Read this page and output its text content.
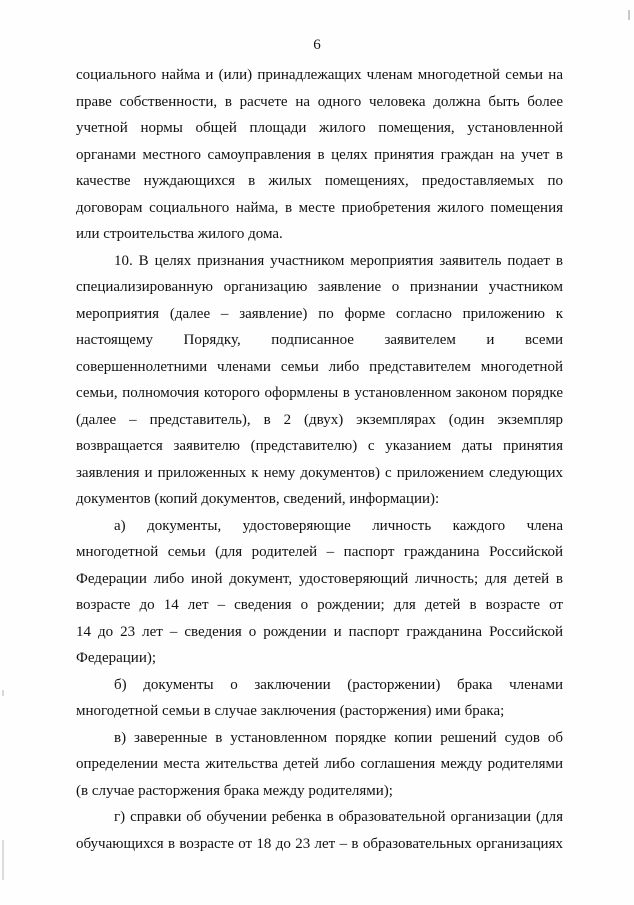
6
социального найма и (или) принадлежащих членам многодетной семьи на
праве собственности, в расчете на одного человека должна быть более
учетной нормы общей площади жилого помещения, установленной
органами местного самоуправления в целях принятия граждан на учет в
качестве нуждающихся в жилых помещениях, предоставляемых по
договорам социального найма, в месте приобретения жилого помещения
или строительства жилого дома.
10. В целях признания участником мероприятия заявитель подает в
специализированную организацию заявление о признании участником
мероприятия (далее – заявление) по форме согласно приложению к
настоящему Порядку, подписанное заявителем и всеми
совершеннолетними членами семьи либо представителем многодетной
семьи, полномочия которого оформлены в установленном законом порядке
(далее – представитель), в 2 (двух) экземплярах (один экземпляр
возвращается заявителю (представителю) с указанием даты принятия
заявления и приложенных к нему документов) с приложением следующих
документов (копий документов, сведений, информации):
а) документы, удостоверяющие личность каждого члена
многодетной семьи (для родителей – паспорт гражданина Российской
Федерации либо иной документ, удостоверяющий личность; для детей в
возрасте до 14 лет – сведения о рождении; для детей в возрасте от
14 до 23 лет – сведения о рождении и паспорт гражданина Российской
Федерации);
б) документы о заключении (расторжении) брака членами
многодетной семьи в случае заключения (расторжения) ими брака;
в) заверенные в установленном порядке копии решений судов об
определении места жительства детей либо соглашения между родителями
(в случае расторжения брака между родителями);
г) справки об обучении ребенка в образовательной организации (для
обучающихся в возрасте от 18 до 23 лет – в образовательных организациях
